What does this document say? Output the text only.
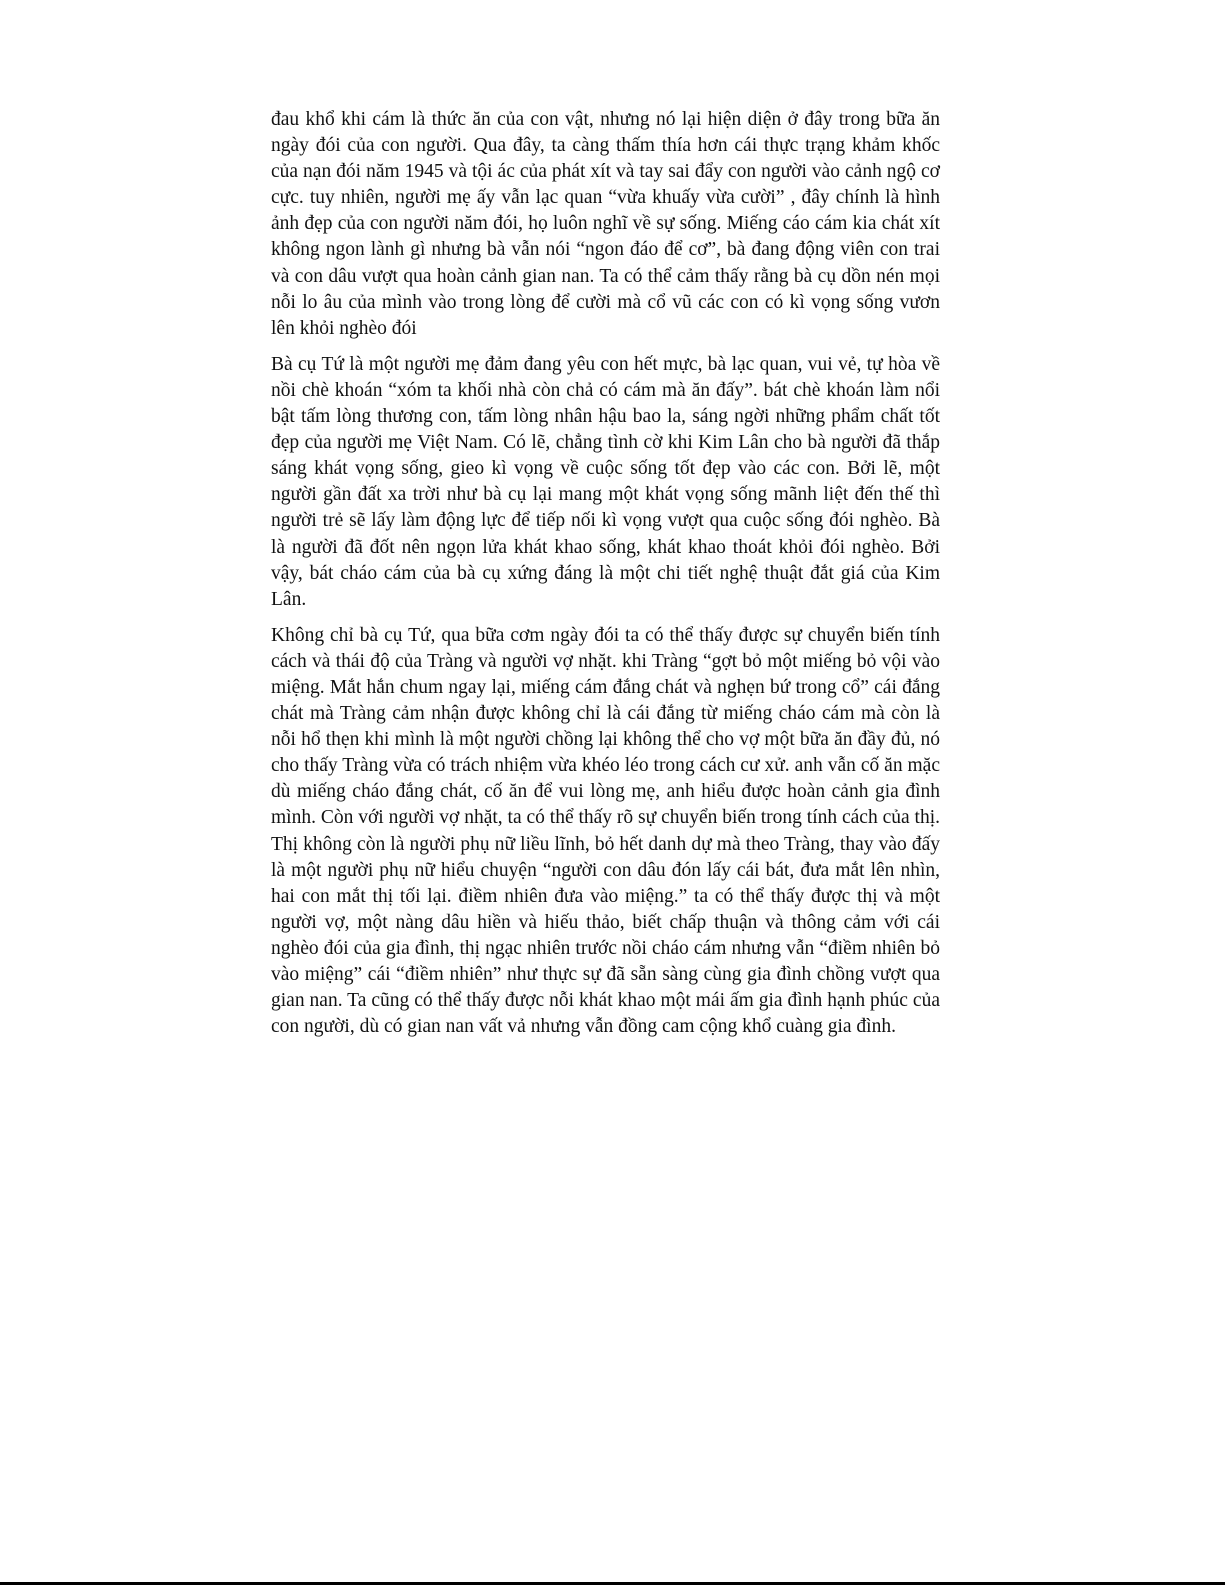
đau khổ khi cám là thức ăn của con vật, nhưng nó lại hiện diện ở đây trong bữa ăn ngày đói của con người. Qua đây, ta càng thấm thía hơn cái thực trạng khảm khốc của nạn đói năm 1945 và tội ác của phát xít và tay sai đẩy con người vào cảnh ngộ cơ cực. tuy nhiên, người mẹ ấy vẫn lạc quan “vừa khuấy vừa cười” , đây chính là hình ảnh đẹp của con người năm đói, họ luôn nghĩ về sự sống. Miếng cáo cám kia chát xít không ngon lành gì nhưng bà vẫn nói “ngon đáo để cơ”, bà đang động viên con trai và con dâu vượt qua hoàn cảnh gian nan. Ta có thể cảm thấy rằng bà cụ dồn nén mọi nỗi lo âu của mình vào trong lòng để cười mà cổ vũ các con có kì vọng sống vươn lên khỏi nghèo đói

Bà cụ Tứ là một người mẹ đảm đang yêu con hết mực, bà lạc quan, vui vẻ, tự hòa về nồi chè khoán “xóm ta khối nhà còn chả có cám mà ăn đấy”. bát chè khoán làm nổi bật tấm lòng thương con, tấm lòng nhân hậu bao la, sáng ngời những phẩm chất tốt đẹp của người mẹ Việt Nam. Có lẽ, chẳng tình cờ khi Kim Lân cho bà người đã thắp sáng khát vọng sống, gieo kì vọng về cuộc sống tốt đẹp vào các con. Bởi lẽ, một người gần đất xa trời như bà cụ lại mang một khát vọng sống mãnh liệt đến thế thì người trẻ sẽ lấy làm động lực để tiếp nối kì vọng vượt qua cuộc sống đói nghèo. Bà là người đã đốt nên ngọn lửa khát khao sống, khát khao thoát khỏi đói nghèo. Bởi vậy, bát cháo cám của bà cụ xứng đáng là một chi tiết nghệ thuật đắt giá của Kim Lân.

Không chỉ bà cụ Tứ, qua bữa cơm ngày đói ta có thể thấy được sự chuyển biến tính cách và thái độ của Tràng và người vợ nhặt. khi Tràng “gợt bỏ một miếng bỏ vội vào miệng. Mắt hắn chum ngay lại, miếng cám đắng chát và nghẹn bứ trong cổ” cái đắng chát mà Tràng cảm nhận được không chỉ là cái đắng từ miếng cháo cám mà còn là nỗi hổ thẹn khi mình là một người chồng lại không thể cho vợ một bữa ăn đầy đủ, nó cho thấy Tràng vừa có trách nhiệm vừa khéo léo trong cách cư xử. anh vẫn cố ăn mặc dù miếng cháo đắng chát, cố ăn để vui lòng mẹ, anh hiểu được hoàn cảnh gia đình mình. Còn với người vợ nhặt, ta có thể thấy rõ sự chuyển biến trong tính cách của thị. Thị không còn là người phụ nữ liều lĩnh, bỏ hết danh dự mà theo Tràng, thay vào đấy là một người phụ nữ hiểu chuyện “người con dâu đón lấy cái bát, đưa mắt lên nhìn, hai con mắt thị tối lại. điềm nhiên đưa vào miệng.” ta có thể thấy được thị và một người vợ, một nàng dâu hiền và hiếu thảo, biết chấp thuận và thông cảm với cái nghèo đói của gia đình, thị ngạc nhiên trước nồi cháo cám nhưng vẫn “điềm nhiên bỏ vào miệng” cái “điềm nhiên” như thực sự đã sẵn sàng cùng gia đình chồng vượt qua gian nan. Ta cũng có thể thấy được nỗi khát khao một mái ấm gia đình hạnh phúc của con người, dù có gian nan vất vả nhưng vẫn đồng cam cộng khổ cuàng gia đình.
